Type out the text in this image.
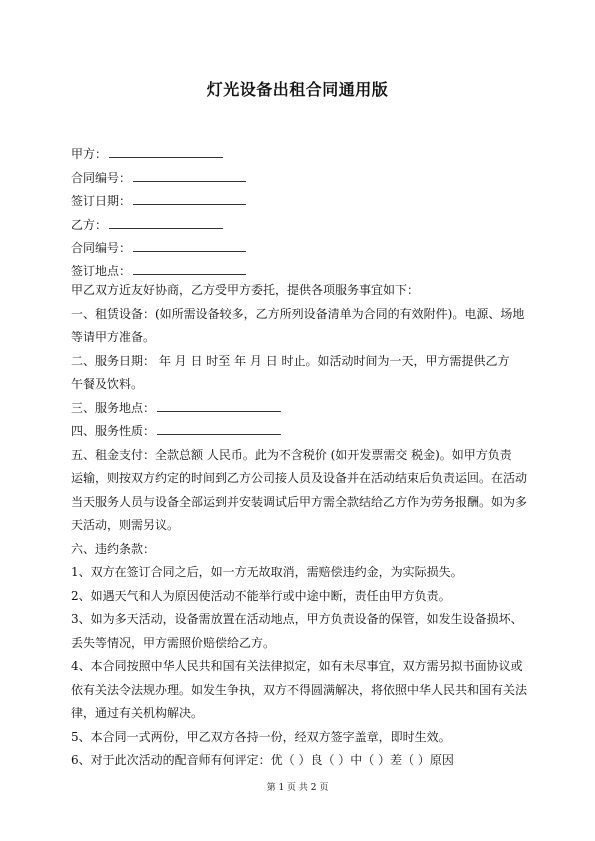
灯光设备出租合同通用版
甲方：
合同编号：
签订日期：
乙方：
合同编号：
签订地点：
甲乙双方近友好协商，乙方受甲方委托，提供各项服务事宜如下：
一、租赁设备：(如所需设备较多，乙方所列设备清单为合同的有效附件)。电源、场地
等请甲方准备。
二、服务日期： 年 月 日 时至 年 月 日 时止。如活动时间为一天，甲方需提供乙方
午餐及饮料。
三、服务地点：
四、服务性质：
五、租金支付：全款总额 人民币。此为不含税价 (如开发票需交 税金)。如甲方负责
运输，则按双方约定的时间到乙方公司接人员及设备并在活动结束后负责运回。在活动
当天服务人员与设备全部运到并安装调试后甲方需全款结给乙方作为劳务报酬。如为多
天活动，则需另议。
六、违约条款：
1、双方在签订合同之后，如一方无故取消，需赔偿违约金，为实际损失。
2、如遇天气和人为原因使活动不能举行或中途中断，责任由甲方负责。
3、如为多天活动，设备需放置在活动地点，甲方负责设备的保管，如发生设备损坏、
丢失等情况，甲方需照价赔偿给乙方。
4、本合同按照中华人民共和国有关法律拟定，如有未尽事宜，双方需另拟书面协议或
依有关法令法规办理。如发生争执，双方不得圆满解决，将依照中华人民共和国有关法
律，通过有关机构解决。
5、本合同一式两份，甲乙双方各持一份，经双方签字盖章，即时生效。
6、对于此次活动的配音师有何评定：优（ ）良（ ）中（ ）差（ ）原因
第 1 页 共 2 页
